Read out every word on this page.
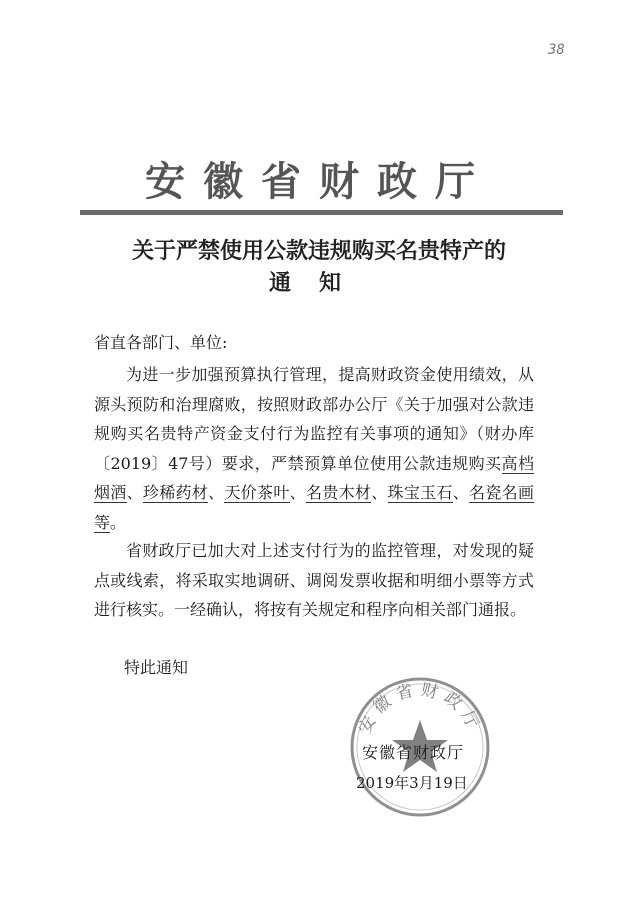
38
安徽省财政厅
关于严禁使用公款违规购买名贵特产的
通知
省直各部门、单位:
为进一步加强预算执行管理，提高财政资金使用绩效，从源头预防和治理腐败，按照财政部办公厅《关于加强对公款违规购买名贵特产资金支付行为监控有关事项的通知》（财办库〔2019〕47号）要求，严禁预算单位使用公款违规购买高档烟酒、珍稀药材、天价茶叶、名贵木材、珠宝玉石、名瓷名画等。
省财政厅已加大对上述支付行为的监控管理，对发现的疑点或线索，将采取实地调研、调阅发票收据和明细小票等方式进行核实。一经确认，将按有关规定和程序向相关部门通报。
特此通知
安徽省财政厅
安徽省财政厅
2019年3月19日
